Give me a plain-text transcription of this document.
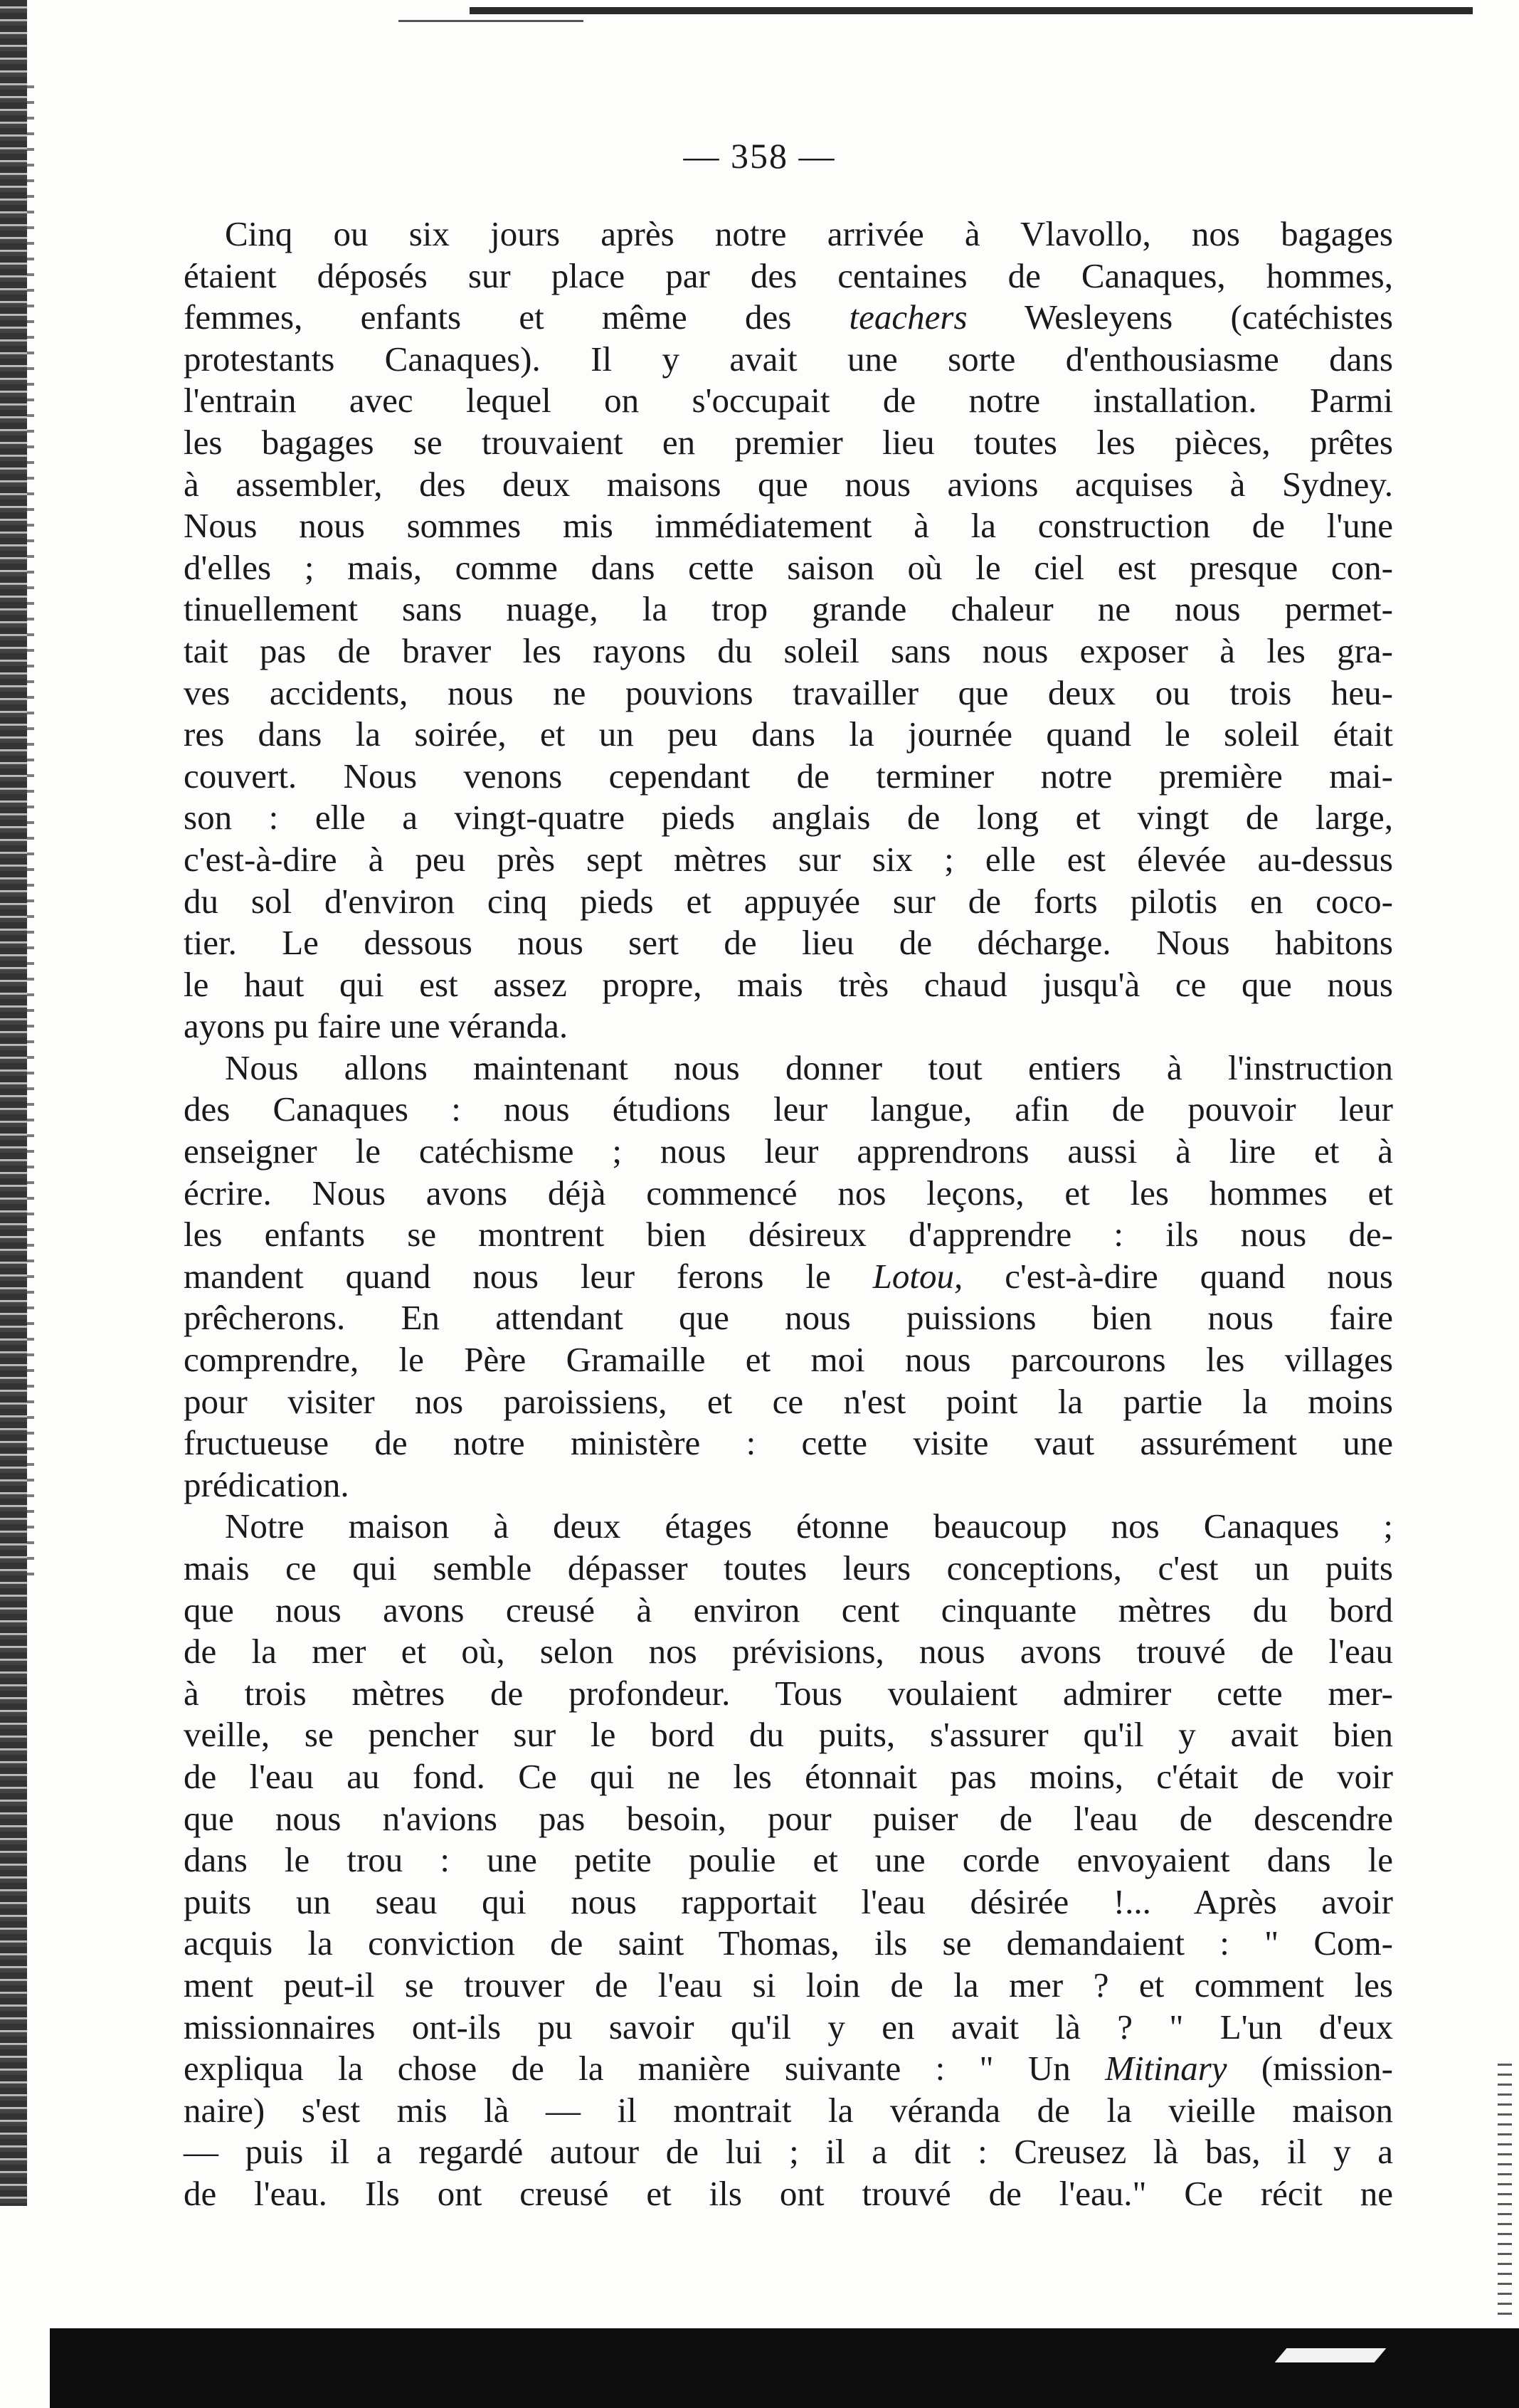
— 358 —
Cinq ou six jours après notre arrivée à Vlavollo, nos bagages
étaient déposés sur place par des centaines de Canaques, hommes,
femmes, enfants et même des teachers Wesleyens (catéchistes
protestants Canaques). Il y avait une sorte d'enthousiasme dans
l'entrain avec lequel on s'occupait de notre installation. Parmi
les bagages se trouvaient en premier lieu toutes les pièces, prêtes
à assembler, des deux maisons que nous avions acquises à Sydney.
Nous nous sommes mis immédiatement à la construction de l'une
d'elles ; mais, comme dans cette saison où le ciel est presque con-
tinuellement sans nuage, la trop grande chaleur ne nous permet-
tait pas de braver les rayons du soleil sans nous exposer à les gra-
ves accidents, nous ne pouvions travailler que deux ou trois heu-
res dans la soirée, et un peu dans la journée quand le soleil était
couvert. Nous venons cependant de terminer notre première mai-
son : elle a vingt-quatre pieds anglais de long et vingt de large,
c'est-à-dire à peu près sept mètres sur six ; elle est élevée au-dessus
du sol d'environ cinq pieds et appuyée sur de forts pilotis en coco-
tier. Le dessous nous sert de lieu de décharge. Nous habitons
le haut qui est assez propre, mais très chaud jusqu'à ce que nous
ayons pu faire une véranda.
Nous allons maintenant nous donner tout entiers à l'instruction
des Canaques : nous étudions leur langue, afin de pouvoir leur
enseigner le catéchisme ; nous leur apprendrons aussi à lire et à
écrire. Nous avons déjà commencé nos leçons, et les hommes et
les enfants se montrent bien désireux d'apprendre : ils nous de-
mandent quand nous leur ferons le Lotou, c'est-à-dire quand nous
prêcherons. En attendant que nous puissions bien nous faire
comprendre, le Père Gramaille et moi nous parcourons les villages
pour visiter nos paroissiens, et ce n'est point la partie la moins
fructueuse de notre ministère : cette visite vaut assurément une
prédication.
Notre maison à deux étages étonne beaucoup nos Canaques ;
mais ce qui semble dépasser toutes leurs conceptions, c'est un puits
que nous avons creusé à environ cent cinquante mètres du bord
de la mer et où, selon nos prévisions, nous avons trouvé de l'eau
à trois mètres de profondeur. Tous voulaient admirer cette mer-
veille, se pencher sur le bord du puits, s'assurer qu'il y avait bien
de l'eau au fond. Ce qui ne les étonnait pas moins, c'était de voir
que nous n'avions pas besoin, pour puiser de l'eau de descendre
dans le trou : une petite poulie et une corde envoyaient dans le
puits un seau qui nous rapportait l'eau désirée !... Après avoir
acquis la conviction de saint Thomas, ils se demandaient : " Com-
ment peut-il se trouver de l'eau si loin de la mer ? et comment les
missionnaires ont-ils pu savoir qu'il y en avait là ? " L'un d'eux
expliqua la chose de la manière suivante : " Un Mitinary (mission-
naire) s'est mis là — il montrait la véranda de la vieille maison
— puis il a regardé autour de lui ; il a dit : Creusez là bas, il y a
de l'eau. Ils ont creusé et ils ont trouvé de l'eau." Ce récit ne
